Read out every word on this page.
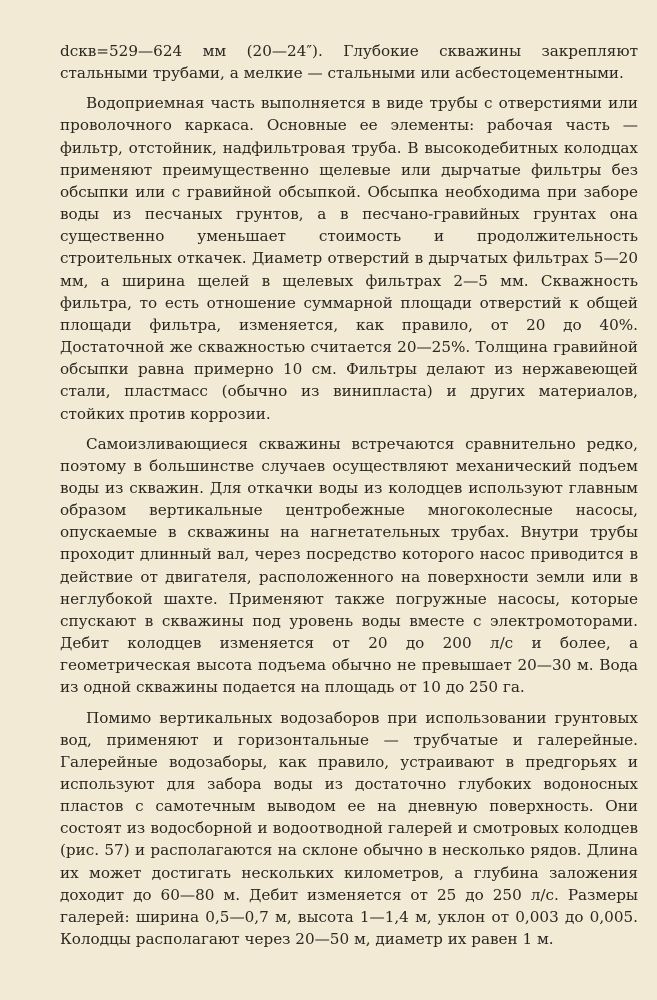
dскв=529—624 мм (20—24″). Глубокие скважины закрепляют стальными трубами, а мелкие — стальными или асбестоцементными.

Водоприемная часть выполняется в виде трубы с отверстиями или проволочного каркаса. Основные ее элементы: рабочая часть — фильтр, отстойник, надфильтровая труба. В высокодебитных колодцах применяют преимущественно щелевые или дырчатые фильтры без обсыпки или с гравийной обсыпкой. Обсыпка необходима при заборе воды из песчаных грунтов, а в песчано-гравийных грунтах она существенно уменьшает стоимость и продолжительность строительных откачек. Диаметр отверстий в дырчатых фильтрах 5—20 мм, а ширина щелей в щелевых фильтрах 2—5 мм. Скважность фильтра, то есть отношение суммарной площади отверстий к общей площади фильтра, изменяется, как правило, от 20 до 40%. Достаточной же скважностью считается 20—25%. Толщина гравийной обсыпки равна примерно 10 см. Фильтры делают из нержавеющей стали, пластмасс (обычно из винипласта) и других материалов, стойких против коррозии.

Самоизливающиеся скважины встречаются сравнительно редко, поэтому в большинстве случаев осуществляют механический подъем воды из скважин. Для откачки воды из колодцев используют главным образом вертикальные центробежные многоколесные насосы, опускаемые в скважины на нагнетательных трубах. Внутри трубы проходит длинный вал, через посредство которого насос приводится в действие от двигателя, расположенного на поверхности земли или в неглубокой шахте. Применяют также погружные насосы, которые спускают в скважины под уровень воды вместе с электромоторами. Дебит колодцев изменяется от 20 до 200 л/с и более, а геометрическая высота подъема обычно не превышает 20—30 м. Вода из одной скважины подается на площадь от 10 до 250 га.

Помимо вертикальных водозаборов при использовании грунтовых вод, применяют и горизонтальные — трубчатые и галерейные. Галерейные водозаборы, как правило, устраивают в предгорьях и используют для забора воды из достаточно глубоких водоносных пластов с самотечным выводом ее на дневную поверхность. Они состоят из водосборной и водоотводной галерей и смотровых колодцев (рис. 57) и располагаются на склоне обычно в несколько рядов. Длина их может достигать нескольких километров, а глубина заложения доходит до 60—80 м. Дебит изменяется от 25 до 250 л/с. Размеры галерей: ширина 0,5—0,7 м, высота 1—1,4 м, уклон от 0,003 до 0,005. Колодцы располагают через 20—50 м, диаметр их равен 1 м.
